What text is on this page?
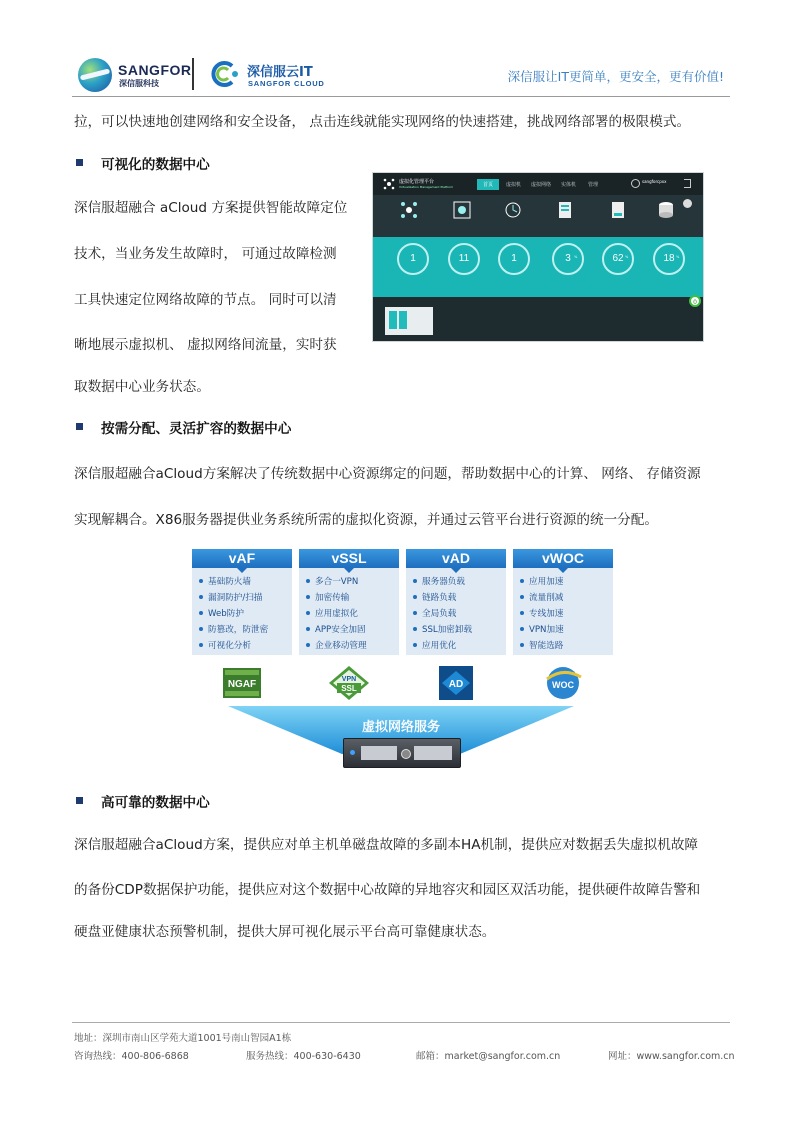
SANGFOR
深信服科技
深信服云IT
SANGFOR CLOUD	深信服让IT更简单，更安全，更有价值!
拉，可以快速地创建网络和安全设备， 点击连线就能实现网络的快速搭建，挑战网络部署的极限模式。
可视化的数据中心
深信服超融合 aCloud 方案提供智能故障定位
技术，当业务发生故障时， 可通过故障检测
工具快速定位网络故障的节点。 同时可以清
晰地展示虚拟机、 虚拟网络间流量，实时获
取数据中心业务状态。
虚拟化管理平台
Virtualization Management Platform	首页	虚拟机 虚拟网络 实体机 管理
sangforcpxx
1	11	1	3	62	18
%	%	%
0
按需分配、灵活扩容的数据中心
深信服超融合aCloud方案解决了传统数据中心资源绑定的问题，帮助数据中心的计算、 网络、 存储资源
实现解耦合。X86服务器提供业务系统所需的虚拟化资源，并通过云管平台进行资源的统一分配。
vAF
基础防火墙
漏洞防护/扫描
Web防护
防篡改，防泄密
可视化分析
vSSL
多合一VPN
加密传输
应用虚拟化
APP安全加固
企业移动管理
vAD
服务器负载
链路负载
全局负载
SSL加密卸载
应用优化
vWOC
应用加速
流量削减
专线加速
VPN加速
智能选路
NGAF	VPN
SSL	AD	WOC
虚拟网络服务
高可靠的数据中心
深信服超融合aCloud方案，提供应对单主机单磁盘故障的多副本HA机制，提供应对数据丢失虚拟机故障
的备份CDP数据保护功能，提供应对这个数据中心故障的异地容灾和园区双活功能，提供硬件故障告警和
硬盘亚健康状态预警机制，提供大屏可视化展示平台高可靠健康状态。
地址：深圳市南山区学苑大道1001号南山智园A1栋
咨询热线：400-806-6868	服务热线：400-630-6430	邮箱：market@sangfor.com.cn	网址：www.sangfor.com.cn
